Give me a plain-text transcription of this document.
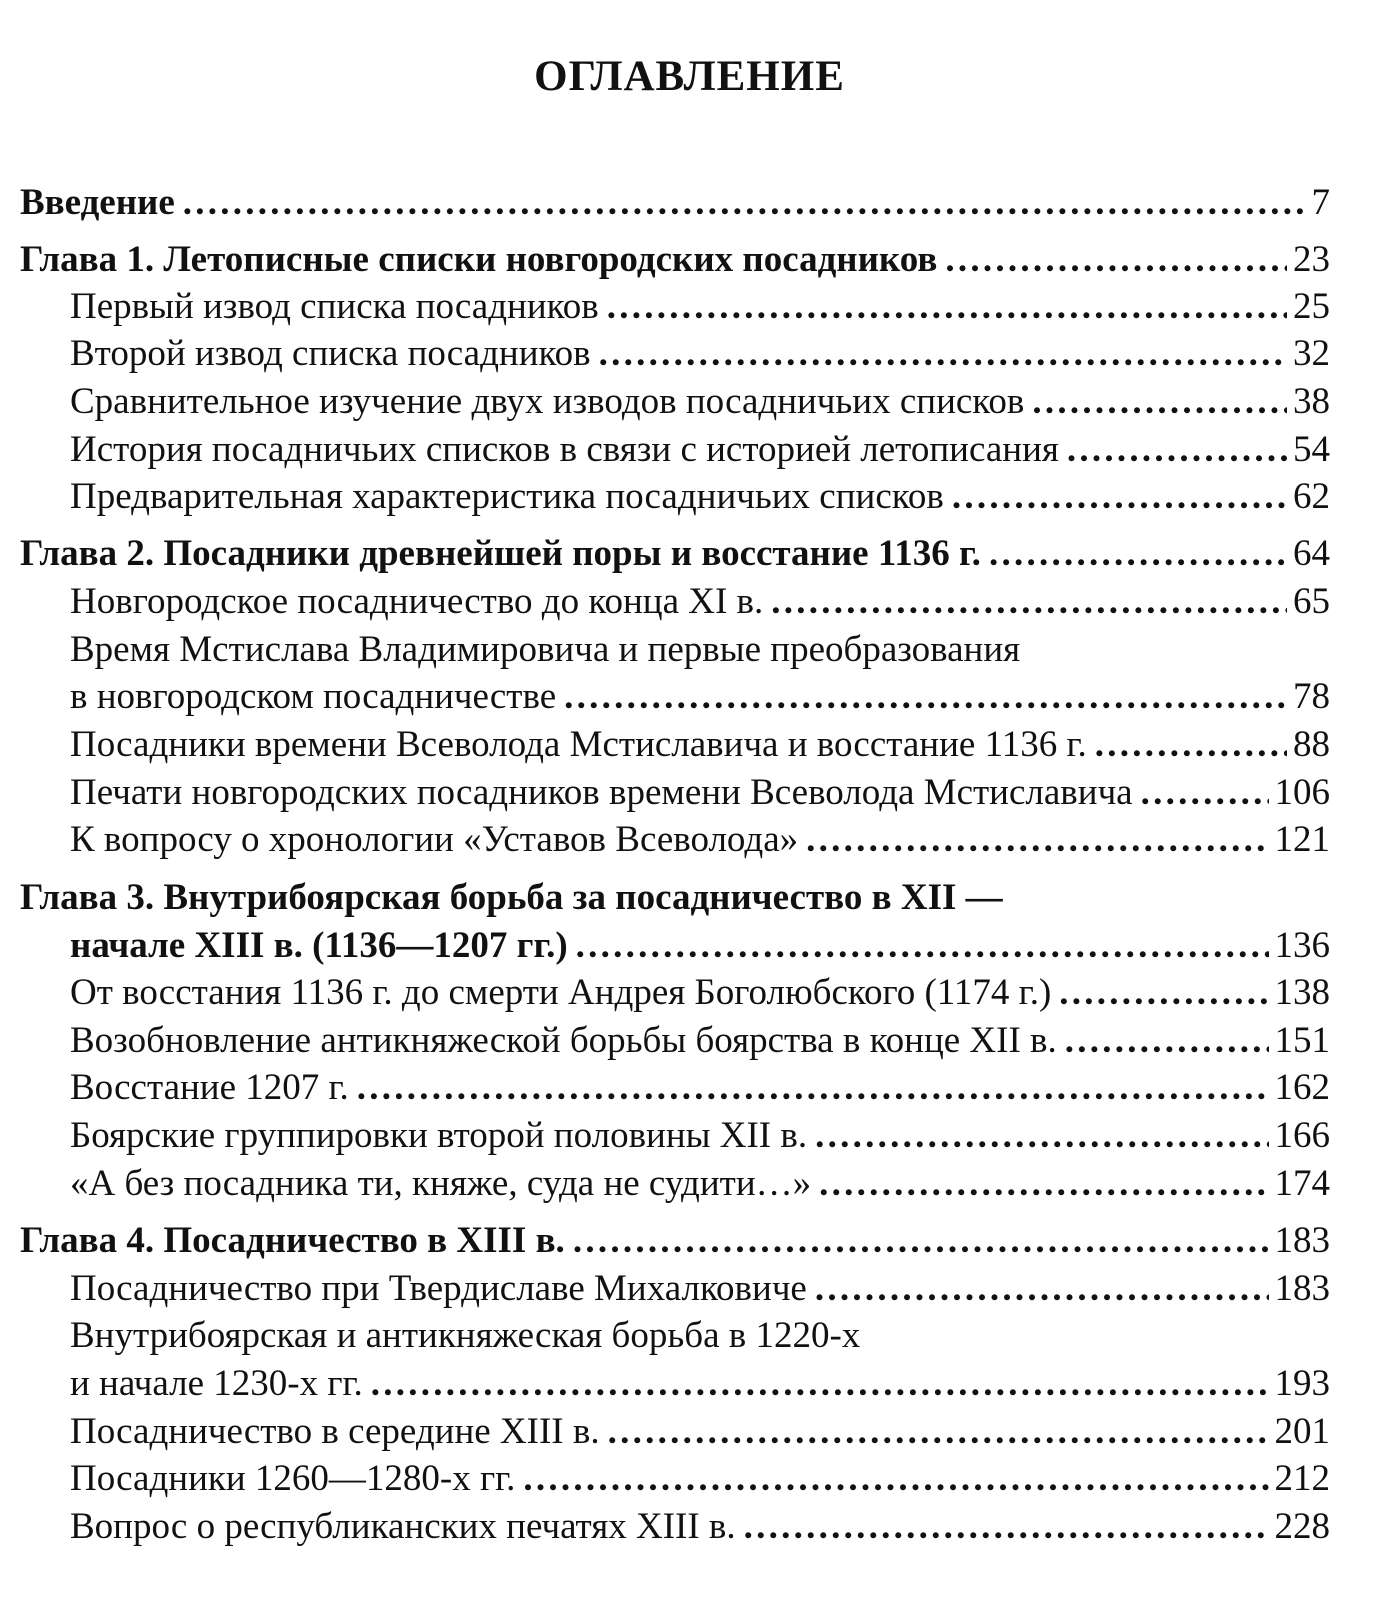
ОГЛАВЛЕНИЕ
Введение . . .	7
Глава 1. Летописные списки новгородских посадников . . .	23
Первый извод списка посадников . . .	25
Второй извод списка посадников . . .	32
Сравнительное изучение двух изводов посадничьих списков . . .	38
История посадничьих списков в связи с историей летописания . . .	54
Предварительная характеристика посадничьих списков . . .	62
Глава 2. Посадники древнейшей поры и восстание 1136 г. . . .	64
Новгородское посадничество до конца XI в. . . .	65
Время Мстислава Владимировича и первые преобразования
в новгородском посадничестве . . .	78
Посадники времени Всеволода Мстиславича и восстание 1136 г. . . .	88
Печати новгородских посадников времени Всеволода Мстиславича . . .	106
К вопросу о хронологии «Уставов Всеволода» . . .	121
Глава 3. Внутрибоярская борьба за посадничество в XII —
начале XIII в. (1136—1207 гг.) . . .	136
От восстания 1136 г. до смерти Андрея Боголюбского (1174 г.) . . .	138
Возобновление антикняжеской борьбы боярства в конце XII в. . . .	151
Восстание 1207 г. . . .	162
Боярские группировки второй половины XII в. . . .	166
«А без посадника ти, княже, суда не судити…» . . .	174
Глава 4. Посадничество в XIII в. . . .	183
Посадничество при Твердиславе Михалковиче . . .	183
Внутрибоярская и антикняжеская борьба в 1220-х
и начале 1230-х гг. . . .	193
Посадничество в середине XIII в. . . .	201
Посадники 1260—1280-х гг. . . .	212
Вопрос о республиканских печатях XIII в. . . .	228
